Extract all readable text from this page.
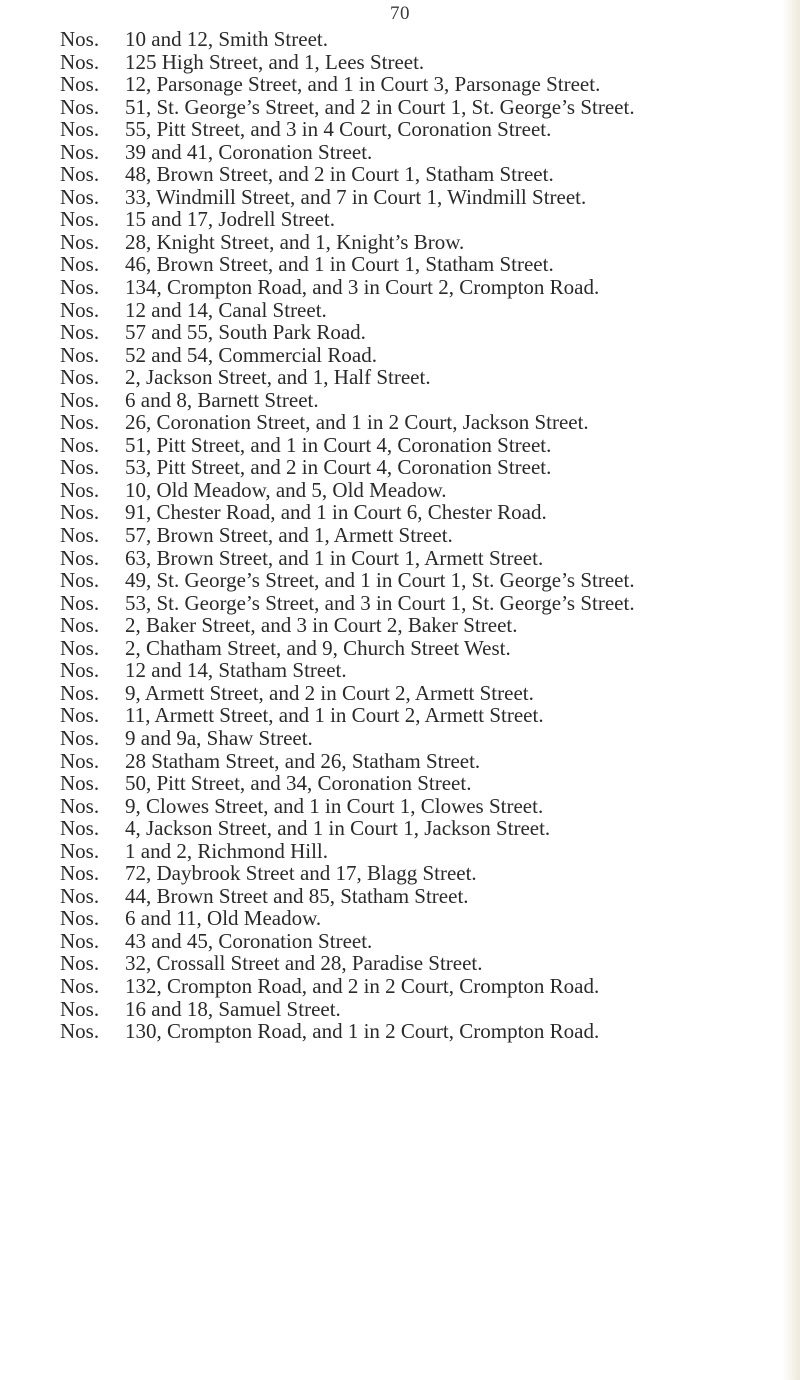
70
Nos.	10 and 12, Smith Street.
Nos.	125 High Street, and 1, Lees Street.
Nos.	12, Parsonage Street, and 1 in Court 3, Parsonage Street.
Nos.	51, St. George’s Street, and 2 in Court 1, St. George’s Street.
Nos.	55, Pitt Street, and 3 in 4 Court, Coronation Street.
Nos.	39 and 41, Coronation Street.
Nos.	48, Brown Street, and 2 in Court 1, Statham Street.
Nos.	33, Windmill Street, and 7 in Court 1, Windmill Street.
Nos.	15 and 17, Jodrell Street.
Nos.	28, Knight Street, and 1, Knight’s Brow.
Nos.	46, Brown Street, and 1 in Court 1, Statham Street.
Nos.	134, Crompton Road, and 3 in Court 2, Crompton Road.
Nos.	12 and 14, Canal Street.
Nos.	57 and 55, South Park Road.
Nos.	52 and 54, Commercial Road.
Nos.	2, Jackson Street, and 1, Half Street.
Nos.	6 and 8, Barnett Street.
Nos.	26, Coronation Street, and 1 in 2 Court, Jackson Street.
Nos.	51, Pitt Street, and 1 in Court 4, Coronation Street.
Nos.	53, Pitt Street, and 2 in Court 4, Coronation Street.
Nos.	10, Old Meadow, and 5, Old Meadow.
Nos.	91, Chester Road, and 1 in Court 6, Chester Road.
Nos.	57, Brown Street, and 1, Armett Street.
Nos.	63, Brown Street, and 1 in Court 1, Armett Street.
Nos.	49, St. George’s Street, and 1 in Court 1, St. George’s Street.
Nos.	53, St. George’s Street, and 3 in Court 1, St. George’s Street.
Nos.	2, Baker Street, and 3 in Court 2, Baker Street.
Nos.	2, Chatham Street, and 9, Church Street West.
Nos.	12 and 14, Statham Street.
Nos.	9, Armett Street, and 2 in Court 2, Armett Street.
Nos.	11, Armett Street, and 1 in Court 2, Armett Street.
Nos.	9 and 9a, Shaw Street.
Nos.	28 Statham Street, and 26, Statham Street.
Nos.	50, Pitt Street, and 34, Coronation Street.
Nos.	9, Clowes Street, and 1 in Court 1, Clowes Street.
Nos.	4, Jackson Street, and 1 in Court 1, Jackson Street.
Nos.	1 and 2, Richmond Hill.
Nos.	72, Daybrook Street and 17, Blagg Street.
Nos.	44, Brown Street and 85, Statham Street.
Nos.	6 and 11, Old Meadow.
Nos.	43 and 45, Coronation Street.
Nos.	32, Crossall Street and 28, Paradise Street.
Nos.	132, Crompton Road, and 2 in 2 Court, Crompton Road.
Nos.	16 and 18, Samuel Street.
Nos.	130, Crompton Road, and 1 in 2 Court, Crompton Road.
